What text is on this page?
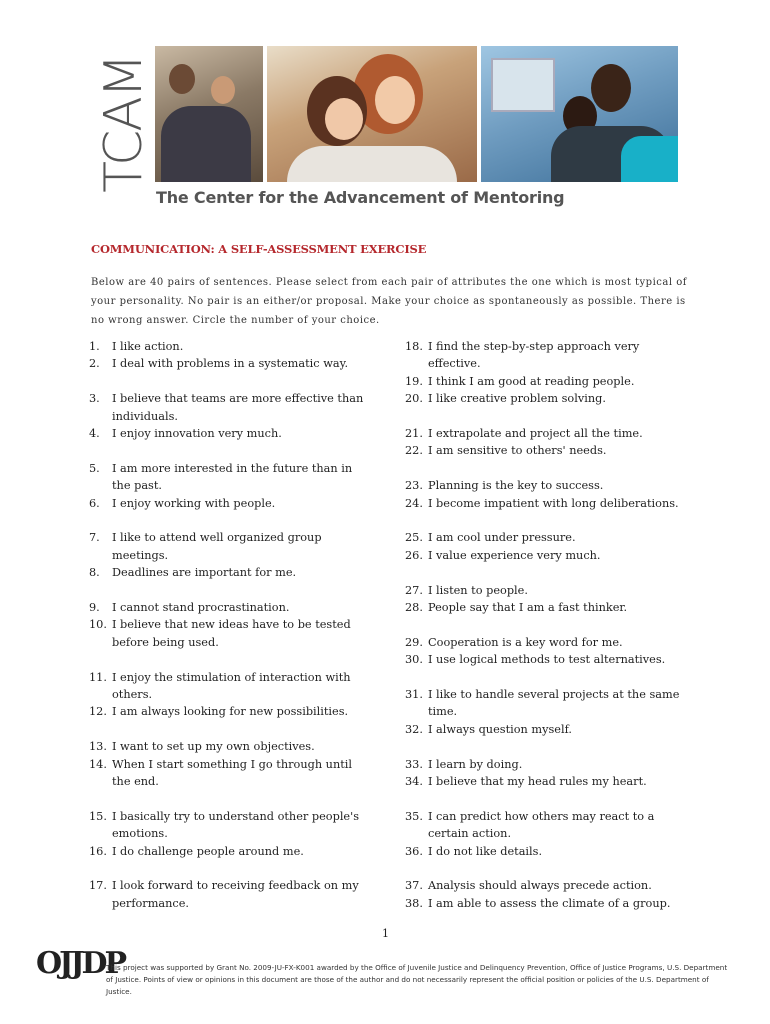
TCAM
The Center for the Advancement of Mentoring
COMMUNICATION: A SELF-ASSESSMENT EXERCISE
Below are 40 pairs of sentences. Please select from each pair of attributes the one which is most typical of your personality. No pair is an either/or proposal. Make your choice as spontaneously as possible. There is no wrong answer. Circle the number of your choice.
1.	I like action.
2.	I deal with problems in a systematic way.
3.	I believe that teams are more effective than individuals.
4.	I enjoy innovation very much.
5.	I am more interested in the future than in the past.
6.	I enjoy working with people.
7.	I like to attend well organized group meetings.
8.	Deadlines are important for me.
9.	I cannot stand procrastination.
10. I believe that new ideas have to be tested before being used.
11. I enjoy the stimulation of interaction with others.
12. I am always looking for new possibilities.
13. I want to set up my own objectives.
14. When I start something I go through until the end.
15. I basically try to understand other people's emotions.
16. I do challenge people around me.
17. I look forward to receiving feedback on my performance.
18. I find the step-by-step approach very effective.
19. I think I am good at reading people.
20. I like creative problem solving.
21. I extrapolate and project all the time.
22. I am sensitive to others' needs.
23. Planning is the key to success.
24. I become impatient with long deliberations.
25. I am cool under pressure.
26. I value experience very much.
27. I listen to people.
28. People say that I am a fast thinker.
29. Cooperation is a key word for me.
30. I use logical methods to test alternatives.
31. I like to handle several projects at the same time.
32. I always question myself.
33. I learn by doing.
34. I believe that my head rules my heart.
35. I can predict how others may react to a certain action.
36. I do not like details.
37. Analysis should always precede action.
38. I am able to assess the climate of a group.
1
OJJDP
This project was supported by Grant No. 2009-JU-FX-K001 awarded by the Office of Juvenile Justice and Delinquency Prevention, Office of Justice Programs, U.S. Department of Justice. Points of view or opinions in this document are those of the author and do not necessarily represent the official position or policies of the U.S. Department of Justice.
